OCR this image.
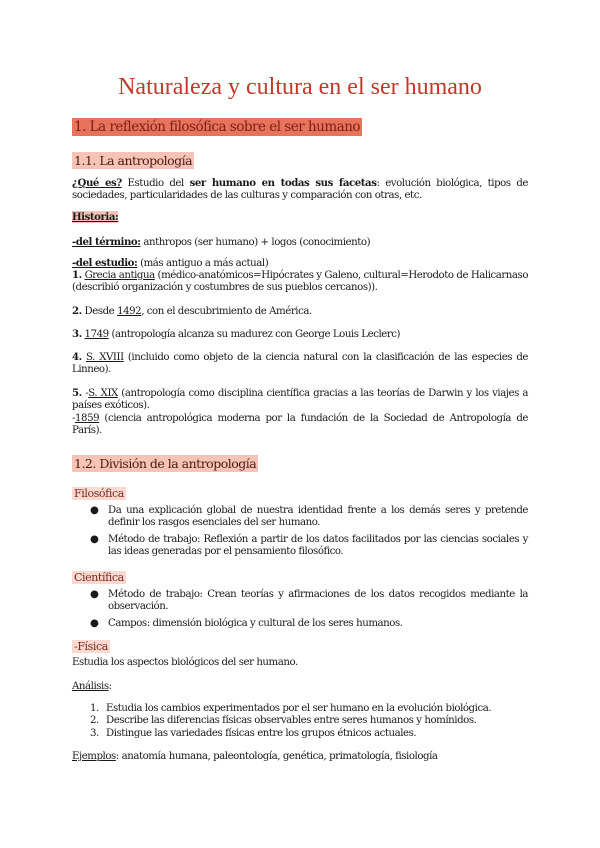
Naturaleza y cultura en el ser humano
1. La reflexión filosófica sobre el ser humano
1.1. La antropología
¿Qué es? Estudio del ser humano en todas sus facetas: evolución biológica, tipos de sociedades, particularidades de las culturas y comparación con otras, etc.
Historia:
-del término: anthropos (ser humano) + logos (conocimiento)
-del estudio: (más antiguo a más actual)
1. Grecia antigua (médico-anatómicos=Hipócrates y Galeno, cultural=Herodoto de Halicarnaso (describió organización y costumbres de sus pueblos cercanos)).
2. Desde 1492, con el descubrimiento de América.
3. 1749 (antropología alcanza su madurez con George Louis Leclerc)
4. S. XVIII (incluido como objeto de la ciencia natural con la clasificación de las especies de Linneo).
5. -S. XIX (antropología como disciplina científica gracias a las teorías de Darwin y los viajes a países exóticos).
-1859 (ciencia antropológica moderna por la fundación de la Sociedad de Antropología de París).
1.2. División de la antropología
Filosófica
● Da una explicación global de nuestra identidad frente a los demás seres y pretende definir los rasgos esenciales del ser humano.
● Método de trabajo: Reflexión a partir de los datos facilitados por las ciencias sociales y las ideas generadas por el pensamiento filosófico.
Científica
● Método de trabajo: Crean teorías y afirmaciones de los datos recogidos mediante la observación.
● Campos: dimensión biológica y cultural de los seres humanos.
-Física
Estudia los aspectos biológicos del ser humano.
Análisis:
1. Estudia los cambios experimentados por el ser humano en la evolución biológica.
2. Describe las diferencias físicas observables entre seres humanos y homínidos.
3. Distingue las variedades físicas entre los grupos étnicos actuales.
Ejemplos: anatomía humana, paleontología, genética, primatología, fisiología
